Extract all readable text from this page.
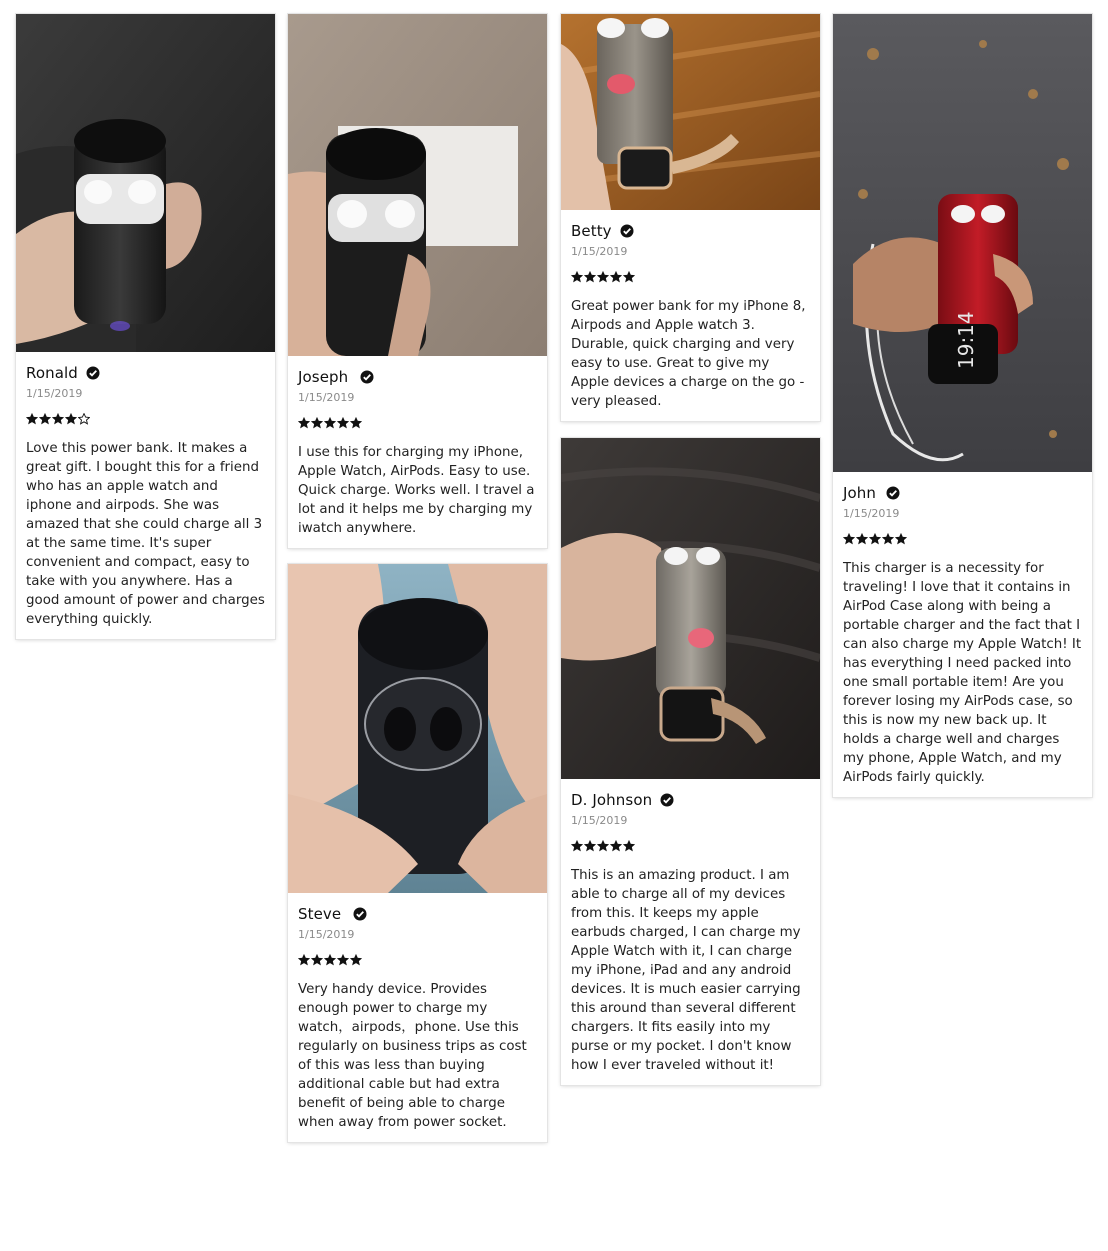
Ronald
1/15/2019
Love this power bank. It makes a great gift. I bought this for a friend who has an apple watch and iphone and airpods. She was amazed that she could charge all 3 at the same time. It's super convenient and compact, easy to take with you anywhere. Has a good amount of power and charges everything quickly.
Joseph
1/15/2019
I use this for charging my iPhone, Apple Watch, AirPods. Easy to use. Quick charge. Works well. I travel a lot and it helps me by charging my iwatch anywhere.
Steve
1/15/2019
Very handy device. Provides enough power to charge my watch，airpods，phone. Use this regularly on business trips as cost of this was less than buying additional cable but had extra benefit of being able to charge when away from power socket.
Betty
1/15/2019
Great power bank for my iPhone 8, Airpods and Apple watch 3. Durable, quick charging and very easy to use. Great to give my Apple devices a charge on the go - very pleased.
D. Johnson
1/15/2019
This is an amazing product. I am able to charge all of my devices from this. It keeps my apple earbuds charged, I can charge my Apple Watch with it, I can charge my iPhone, iPad and any android devices. It is much easier carrying this around than several different chargers. It fits easily into my purse or my pocket. I don't know how I ever traveled without it!
19:14
John
1/15/2019
This charger is a necessity for traveling! I love that it contains in AirPod Case along with being a portable charger and the fact that I can also charge my Apple Watch! It has everything I need packed into one small portable item! Are you forever losing my AirPods case, so this is now my new back up. It holds a charge well and charges my phone, Apple Watch, and my AirPods fairly quickly.
